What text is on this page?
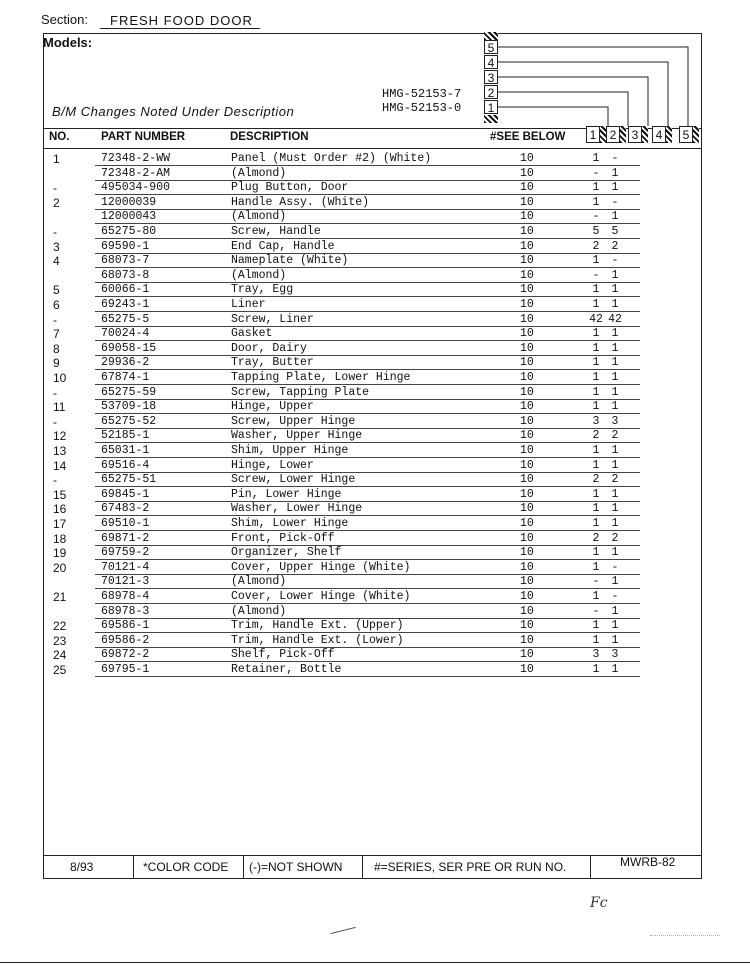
Section: FRESH FOOD DOOR
Models:
B/M Changes Noted Under Description
HMG-52153-7
HMG-52153-0
5
4
3
2
1
NO.	PART NUMBER	DESCRIPTION	#SEE BELOW	1	2	3	4	5
1	72348-2-WW	Panel (Must Order #2) (White)	10	1	-
72348-2-AM	(Almond)	10	-	1
-	495034-900	Plug Button, Door	10	1	1
2	12000039	Handle Assy. (White)	10	1	-
12000043	(Almond)	10	-	1
-	65275-80	Screw, Handle	10	5	5
3	69590-1	End Cap, Handle	10	2	2
4	68073-7	Nameplate (White)	10	1	-
68073-8	(Almond)	10	-	1
5	60066-1	Tray, Egg	10	1	1
6	69243-1	Liner	10	1	1
-	65275-5	Screw, Liner	10	42 42
7	70024-4	Gasket	10	1	1
8	69058-15	Door, Dairy	10	1	1
9	29936-2	Tray, Butter	10	1	1
10	67874-1	Tapping Plate, Lower Hinge	10	1	1
-	65275-59	Screw, Tapping Plate	10	1	1
11	53709-18	Hinge, Upper	10	1	1
-	65275-52	Screw, Upper Hinge	10	3	3
12	52185-1	Washer, Upper Hinge	10	2	2
13	65031-1	Shim, Upper Hinge	10	1	1
14	69516-4	Hinge, Lower	10	1	1
-	65275-51	Screw, Lower Hinge	10	2	2
15	69845-1	Pin, Lower Hinge	10	1	1
16	67483-2	Washer, Lower Hinge	10	1	1
17	69510-1	Shim, Lower Hinge	10	1	1
18	69871-2	Front, Pick-Off	10	2	2
19	69759-2	Organizer, Shelf	10	1	1
20	70121-4	Cover, Upper Hinge (White)	10	1	-
70121-3	(Almond)	10	-	1
21	68978-4	Cover, Lower Hinge (White)	10	1	-
68978-3	(Almond)	10	-	1
22	69586-1	Trim, Handle Ext. (Upper)	10	1	1
23	69586-2	Trim, Handle Ext. (Lower)	10	1	1
24	69872-2	Shelf, Pick-Off	10	3	3
25	69795-1	Retainer, Bottle	10	1	1
8/93	*COLOR CODE (-)=NOT SHOWN	#=SERIES, SER PRE OR RUN NO.	MWRB-82
Fc
